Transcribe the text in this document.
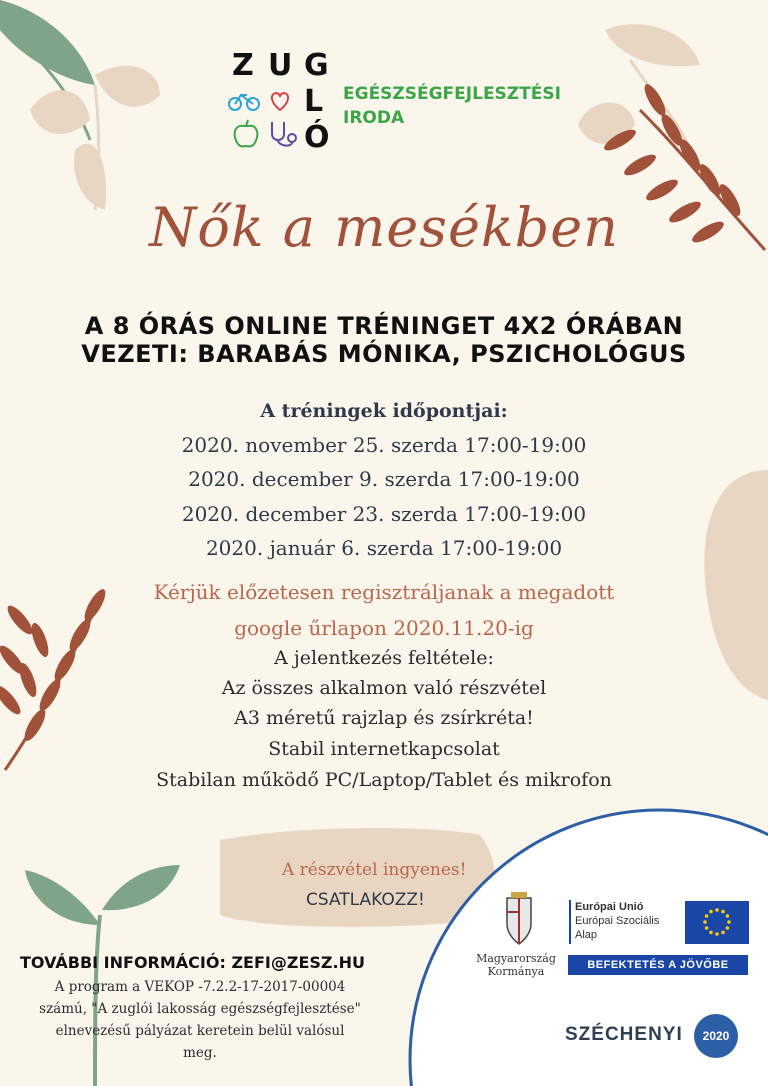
Z U G
L
Ó
EGÉSZSÉGFEJLESZTÉSI
IRODA
Nők a mesékben
A 8 ÓRÁS ONLINE TRÉNINGET 4X2 ÓRÁBAN
VEZETI: BARABÁS MÓNIKA, PSZICHOLÓGUS
A tréningek időpontjai:
2020. november 25. szerda 17:00-19:00
2020. december 9. szerda 17:00-19:00
2020. december 23. szerda 17:00-19:00
2020. január 6. szerda 17:00-19:00
Kérjük előzetesen regisztráljanak a megadott
google űrlapon 2020.11.20-ig
A jelentkezés feltétele:
Az összes alkalmon való részvétel
A3 méretű rajzlap és zsírkréta!
Stabil internetkapcsolat
Stabilan működő PC/Laptop/Tablet és mikrofon
A részvétel ingyenes!
CSATLAKOZZ!
TOVÁBBI INFORMÁCIÓ: ZEFI@ZESZ.HU
A program a VEKOP -7.2.2-17-2017-00004
számú, "A zuglói lakosság egészségfejlesztése"
elnevezésű pályázat keretein belül valósul
meg.
Magyarország
Kormánya
Európai Unió
Európai Szociális
Alap
BEFEKTETÉS A JÖVŐBE
SZÉCHENYI	2020
